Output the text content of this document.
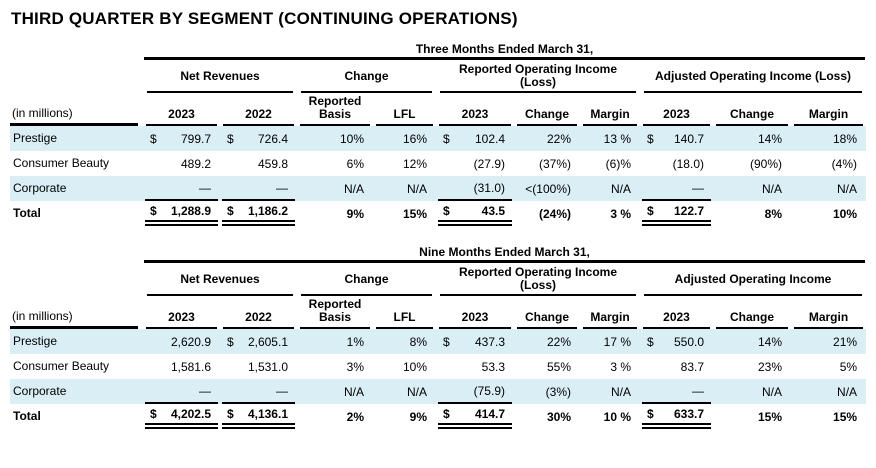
THIRD QUARTER BY SEGMENT (CONTINUING OPERATIONS)

	Three Months Ended March 31,									

Net Revenues		Change		Reported Operating Income (Loss)			Adjusted Operating Income (Loss)		

(in millions)	2023	2022	Reported Basis	LFL	2023	Change	Margin	2023	Change	Margin

Prestige	$ 799.7	$ 726.4	10%	16%	$ 102.4	22%	13 %	$ 140.7	14%	18%

Consumer Beauty	489.2	459.8	6%	12%	(27.9)	(37%)	(6)%	(18.0)	(90%)	(4%)

Corporate	—	—	N/A	N/A	(31.0)	<(100%)	N/A	—	N/A	N/A

Total	$ 1,288.9	$ 1,186.2	9%	15%	$ 43.5	(24%)	3 %	$ 122.7	8%	10%

	Nine Months Ended March 31,									

Net Revenues		Change		Reported Operating Income (Loss)			Adjusted Operating Income		

(in millions)	2023	2022	Reported Basis	LFL	2023	Change	Margin	2023	Change	Margin

Prestige	2,620.9	$ 2,605.1	1%	8%	$ 437.3	22%	17 %	$ 550.0	14%	21%

Consumer Beauty	1,581.6	1,531.0	3%	10%	53.3	55%	3 %	83.7	23%	5%

Corporate	—	—	N/A	N/A	(75.9)	(3%)	N/A	—	N/A	N/A

Total	$ 4,202.5	$ 4,136.1	2%	9%	$ 414.7	30%	10 %	$ 633.7	15%	15%
